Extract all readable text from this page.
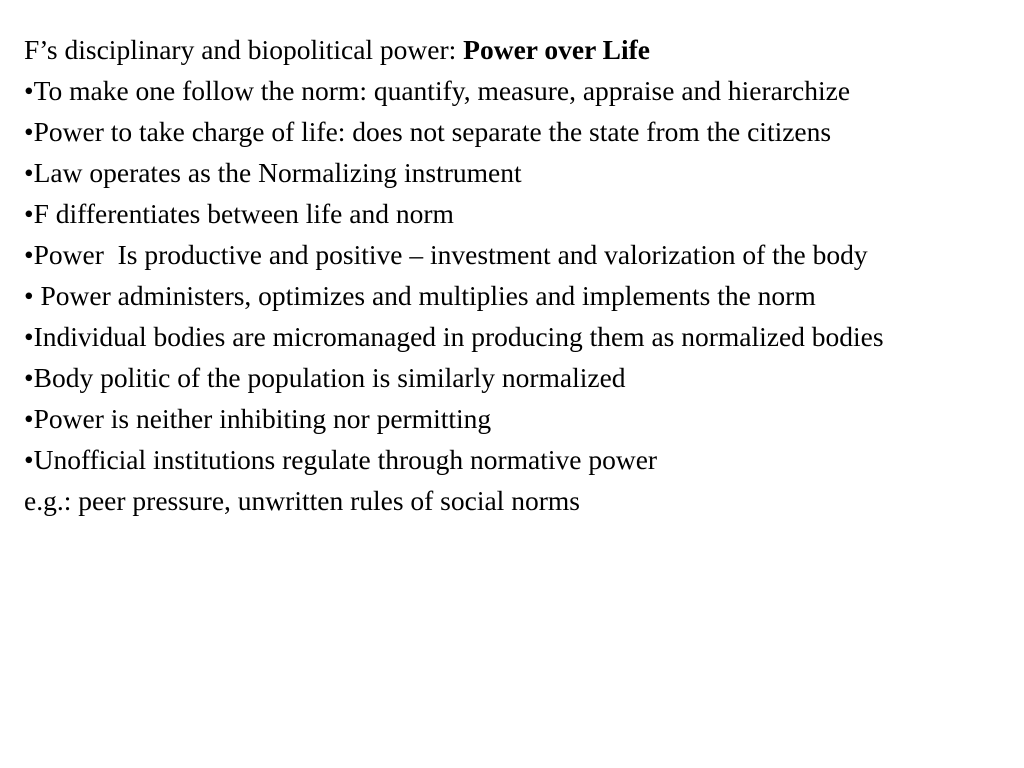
F’s disciplinary and biopolitical power: Power over Life

•To make one follow the norm: quantify, measure, appraise and hierarchize

•Power to take charge of life: does not separate the state from the citizens

•Law operates as the Normalizing instrument

•F differentiates between life and norm

•Power  Is productive and positive – investment and valorization of the body

• Power administers, optimizes and multiplies and implements the norm

•Individual bodies are micromanaged in producing them as normalized bodies

•Body politic of the population is similarly normalized

•Power is neither inhibiting nor permitting

•Unofficial institutions regulate through normative power

e.g.: peer pressure, unwritten rules of social norms
